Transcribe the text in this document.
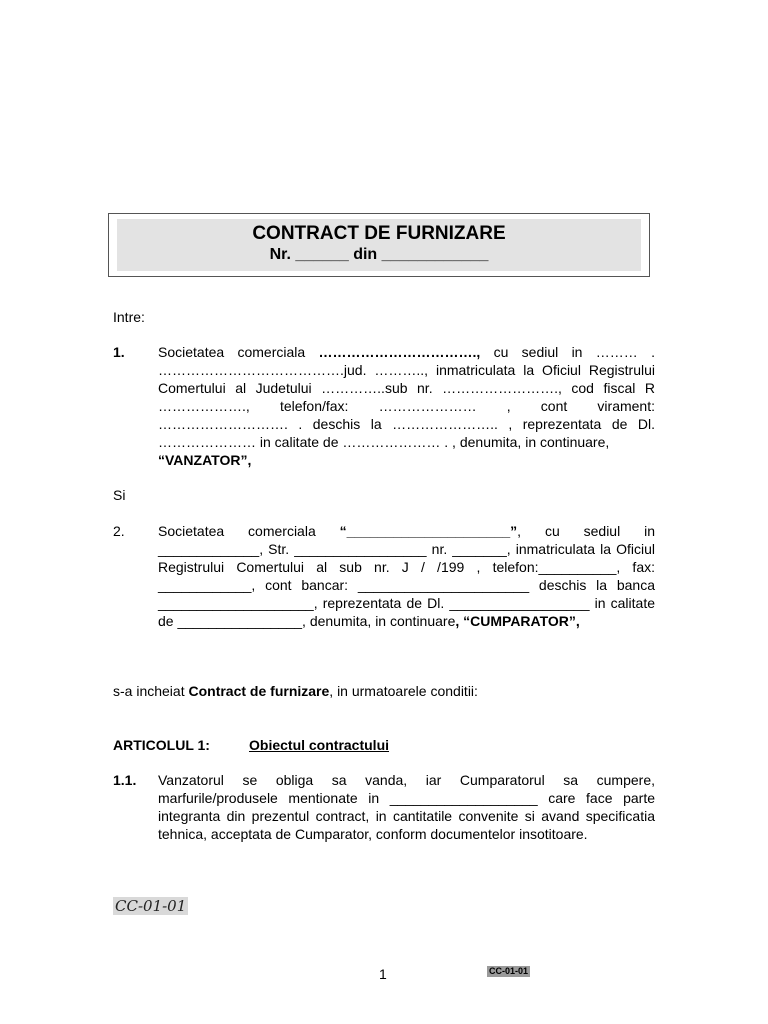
CONTRACT DE FURNIZARE
Nr. ______ din ____________
Intre:
1. Societatea comerciala ……………………………., cu sediul in ……… . ………………………………….jud. ……….., inmatriculata la Oficiul Registrului Comertului al Judetului …………..sub nr. ……………………., cod fiscal R ………………., telefon/fax: ………………… , cont virament: ………………………. . deschis la ………………….. , reprezentata de Dl. ………………… in calitate de ………………… . , denumita, in continuare,
“VANZATOR”,
Si
2. Societatea comerciala “_____________________”, cu sediul in _____________, Str. _________________ nr. _______, inmatriculata la Oficiul Registrului Comertului al sub nr. J / /199 , telefon:__________, fax: ____________, cont bancar: ______________________ deschis la banca ____________________, reprezentata de Dl. __________________ in calitate de ________________, denumita, in continuare, “CUMPARATOR”,
s-a incheiat Contract de furnizare, in urmatoarele conditii:
ARTICOLUL 1:	Obiectul contractului
1.1. Vanzatorul se obliga sa vanda, iar Cumparatorul sa cumpere, marfurile/produsele mentionate in ___________________ care face parte integranta din prezentul contract, in cantitatile convenite si avand specificatia tehnica, acceptata de Cumparator, conform documentelor insotitoare.
CC-01-01
1	CC-01-01
